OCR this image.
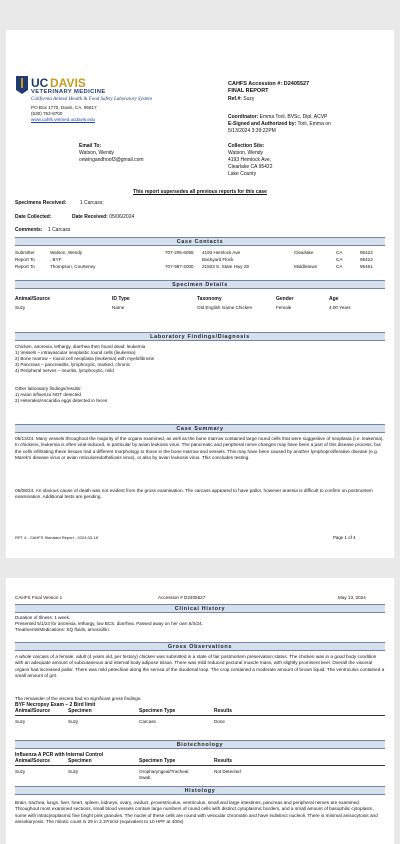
UC DAVIS
VETERINARY MEDICINE
California Animal Health & Food Safety Laboratory System
PO Box 1770, Davis, CA, 95617
(530) 752-8700
www.cahfs.vetmed.ucdavis.edu
CAHFS Accession #: D2405527
FINAL REPORT
Ref.#: Suzy
Coordinator: Emma Torii, BVSc, Dipl. ACVP
E-Signed and Authorized by: Torii, Emma on
5/13/2024 3:39:22PM
Email To:
Watson, Wendy
onwingandhoof3@gmail.com
Collection Site:
Watson, Wendy
4193 Hemlock Ave,
Clearlake CA 95422
Lake County
This report supersedes all previous reports for this case
Specimens Received:	1 Carcass;
Date Collected:	Date Received: 05/06/2024
Comments: 1 Carcass
Case Contacts
Submitter	Watson, Wendy	707-205-6055 4193 Hemlock Ave	Clearlake	CA	95422
Report To	, BYF	Backyard Flock	CA	95422
Report To	Thompson, Courteney	707-987-2000 21503 S. State Hwy 29	Middletown	CA	95461
Specimen Details
Animal/Source	ID Type	Taxonomy	Gender	Age
Suzy	Name	Old English Game Chicken	Female	4.00 Years
Laboratory Findings/Diagnosis
Chicken, anorexia, lethargy, diarrhea then found dead: leukemia
1) Vessels – intravascular neoplastic round cells (leukemia)
2) Bone marrow – round cell neoplasia (leukemia) with myelofibrosis
3) Pancreas – pancreatitis, lymphocytic, marked, chronic
4) Peripheral nerves – neuritis, lymphocytic, mild
Other laboratory findings/results:
1) Avian influenza NOT detected
2) Heterakis/Ascaridia eggs detected in feces
Case Summary
05/13/24. Many vessels throughout the majority of the organs examined, as well as the bone marrow contained large round cells that were suggestive of neoplasia (i.e. leukemia). In chickens, leukemia is often viral-induced, in particular by avian leukosis virus. The pancreatic and peripheral nerve changes may have been a part of this disease process, but the cells infiltrating these tissues had a different morphology to those in the bone marrow and vessels. This may have been caused by another lymphoproliferative disease (e.g. Marek's disease virus or avian reticuloendotheliosis virus), or also by avian leukosis virus. This concludes testing.
05/08/24. An obvious cause of death was not evident from the gross examination. The carcass appeared to have pallor, however anemia is difficult to confirm on postmortem examination. Additional tests are pending.
RPT 4 - CAHFS Standard Report - 2024-03-18	Page 1 of 4
CAHFS Final Version 1	Accession # D2405527	May 13, 2024
Clinical History
Duration of Illness: 1 week.
Presented 5/1/24 for anorexia, lethargy, low BCS, diarrhea. Passed away on her own 5/4/24.
Treatments/Medications: SQ fluids, amoxicillin.
Gross Observations
A whole carcass of a female, adult (4 years old, per history) chicken was submitted in a state of fair postmortem preservation status. The chicken was in a good body condition with an adequate amount of subcutaneous and internal body adipose tissue. There was mild reduced pectoral muscle mass, with slightly prominent keel. Overall the visceral organs had increased pallor. There was mild petechiae along the serosa of the duodenal loop. The crop contained a moderate amount of brown liquid. The ventriculus contained a small amount of grit.
The remainder of the viscera had no significant gross findings.
BYF Necropsy Exam – 2 Bird limit
Animal/Source	Specimen	Specimen Type	Results
Suzy	Suzy	Carcass	Done
Biotechnology
Influenza A PCR with Internal Control
Animal/Source	Specimen	Specimen Type	Results
Suzy	Suzy	Oropharyngeal/Tracheal	Not Detected
Swab
Histology
Brain, trachea, lungs, liver, heart, spleen, kidneys, ovary, oviduct, proventriculus, ventriculus, small and large intestines, pancreas and peripheral nerves are examined. Throughout most examined sections, small blood vessels contain large numbers of round cells with distinct cytoplasmic borders, and a small amount of basophilic cytoplasm, some with intracytoplasmic fine bright pink granules. The nuclei of these cells are round with vesicular chromatin and have indistinct nucleoli. There is minimal anisocytosis and anisokaryosis. The mitotic count is 29 in 2.37mm2 (equivalent to 10 HPF at 400x)
